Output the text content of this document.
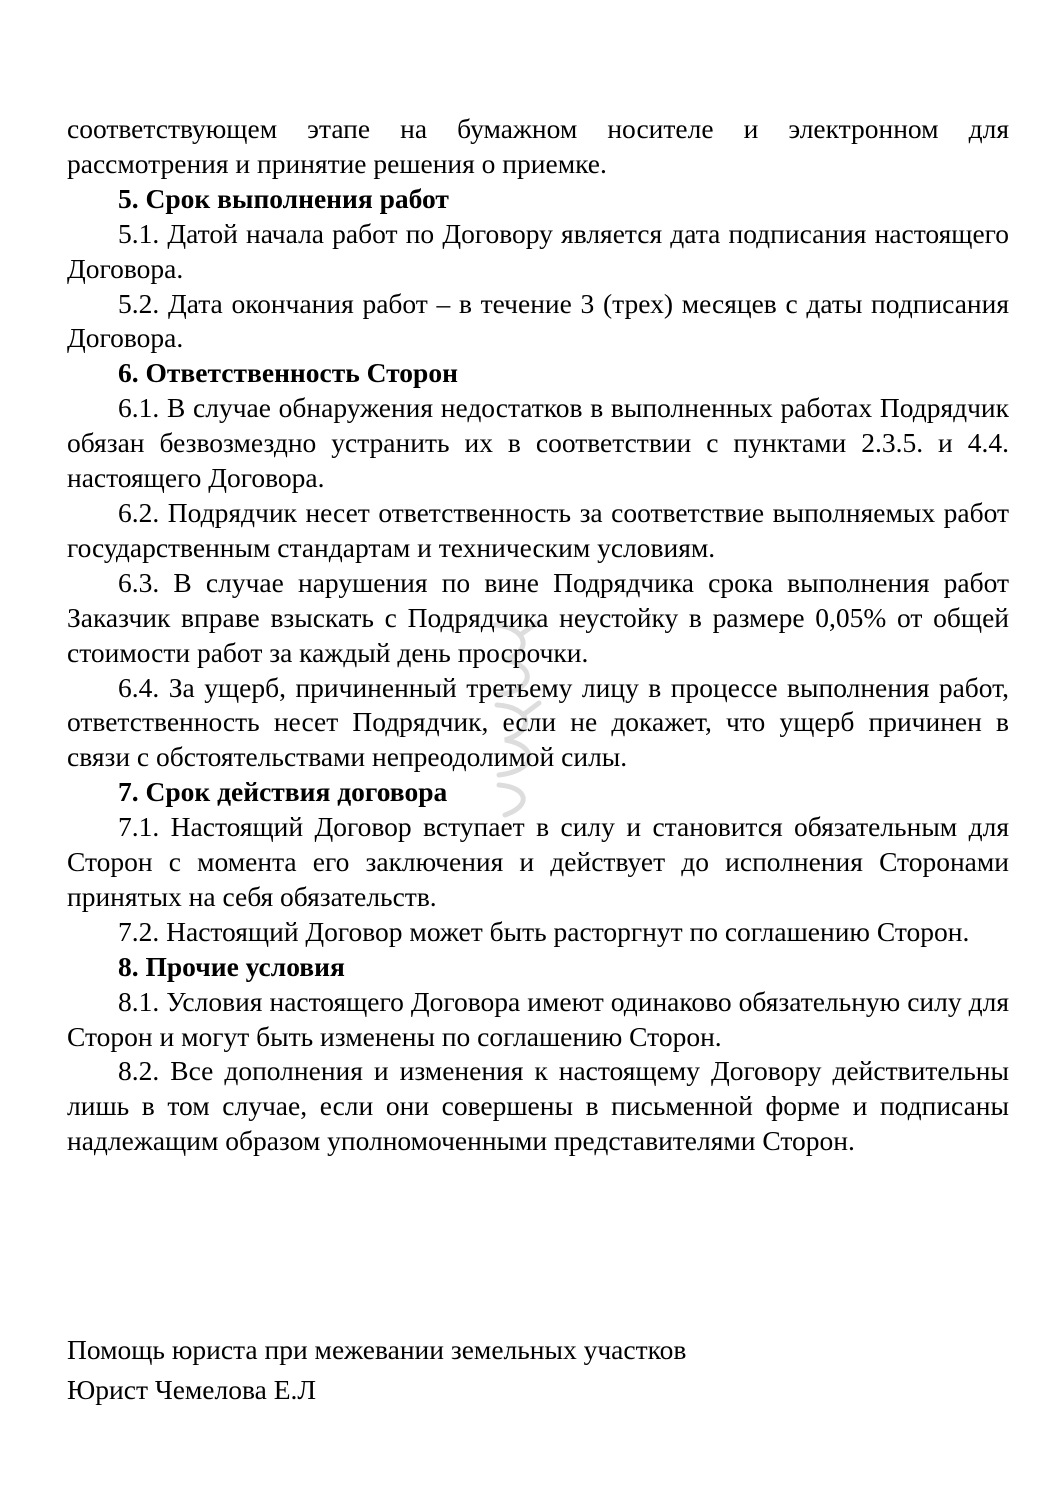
соответствующем этапе на бумажном носителе и электронном для рассмотрения и принятие решения о приемке.

5. Срок выполнения работ

5.1. Датой начала работ по Договору является дата подписания настоящего Договора.

5.2. Дата окончания работ – в течение 3 (трех) месяцев с даты подписания Договора.

6. Ответственность Сторон

6.1. В случае обнаружения недостатков в выполненных работах Подрядчик обязан безвозмездно устранить их в соответствии с пунктами 2.3.5. и 4.4. настоящего Договора.

6.2. Подрядчик несет ответственность за соответствие выполняемых работ государственным стандартам и техническим условиям.

6.3. В случае нарушения по вине Подрядчика срока выполнения работ Заказчик вправе взыскать с Подрядчика неустойку в размере 0,05% от общей стоимости работ за каждый день просрочки.

6.4. За ущерб, причиненный третьему лицу в процессе выполнения работ, ответственность несет Подрядчик, если не докажет, что ущерб причинен в связи с обстоятельствами непреодолимой силы.

7. Срок действия договора

7.1. Настоящий Договор вступает в силу и становится обязательным для Сторон с момента его заключения и действует до исполнения Сторонами принятых на себя обязательств.

7.2. Настоящий Договор может быть расторгнут по соглашению Сторон.

8. Прочие условия

8.1. Условия настоящего Договора имеют одинаково обязательную силу для Сторон и могут быть изменены по соглашению Сторон.

8.2. Все дополнения и изменения к настоящему Договору действительны лишь в том случае, если они совершены в письменной форме и подписаны надлежащим образом уполномоченными представителями Сторон.

Помощь юриста при межевании земельных участков
Юрист Чемелова Е.Л
